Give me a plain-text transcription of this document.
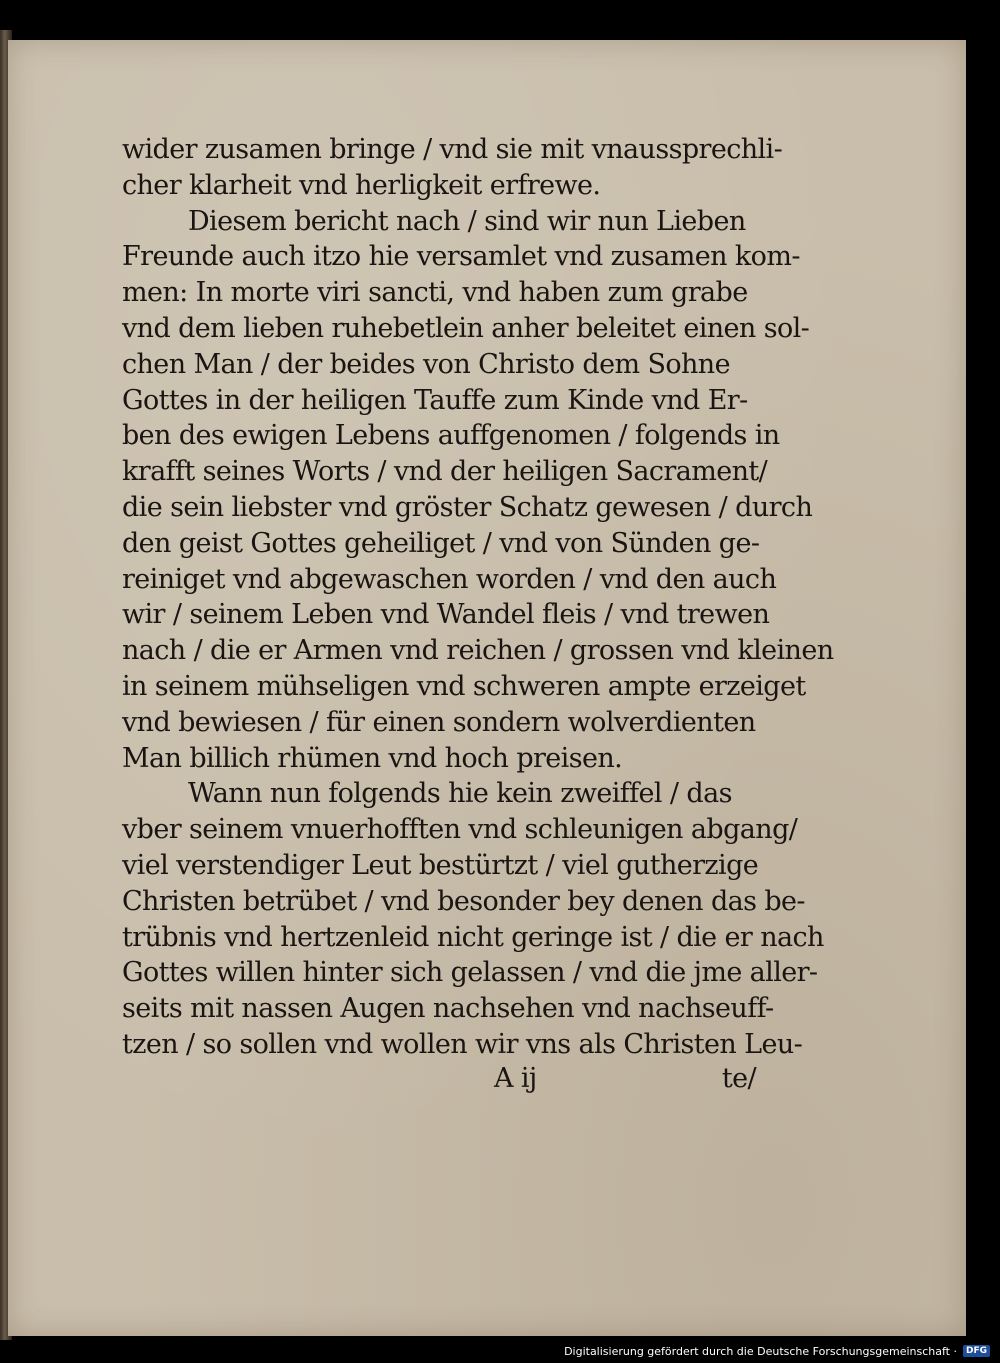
wider zusamen bringe / vnd sie mit vnaussprechli-
cher klarheit vnd herligkeit erfrewe.
Diesem bericht nach / sind wir nun Lieben
Freunde auch itzo hie versamlet vnd zusamen kom-
men: In morte viri sancti, vnd haben zum grabe
vnd dem lieben ruhebetlein anher beleitet einen sol-
chen Man / der beides von Christo dem Sohne
Gottes in der heiligen Tauffe zum Kinde vnd Er-
ben des ewigen Lebens auffgenomen / folgends in
krafft seines Worts / vnd der heiligen Sacrament/
die sein liebster vnd gröster Schatz gewesen / durch
den geist Gottes geheiliget / vnd von Sünden ge-
reiniget vnd abgewaschen worden / vnd den auch
wir / seinem Leben vnd Wandel fleis / vnd trewen
nach / die er Armen vnd reichen / grossen vnd kleinen
in seinem mühseligen vnd schweren ampte erzeiget
vnd bewiesen / für einen sondern wolverdienten
Man billich rhümen vnd hoch preisen.
Wann nun folgends hie kein zweiffel / das
vber seinem vnuerhofften vnd schleunigen abgang/
viel verstendiger Leut bestürtzt / viel gutherzige
Christen betrübet / vnd besonder bey denen das be-
trübnis vnd hertzenleid nicht geringe ist / die er nach
Gottes willen hinter sich gelassen / vnd die jme aller-
seits mit nassen Augen nachsehen vnd nachseuff-
tzen / so sollen vnd wollen wir vns als Christen Leu-
A ij	te/
Digitalisierung gefördert durch die Deutsche Forschungsgemeinschaft ·	DFG
